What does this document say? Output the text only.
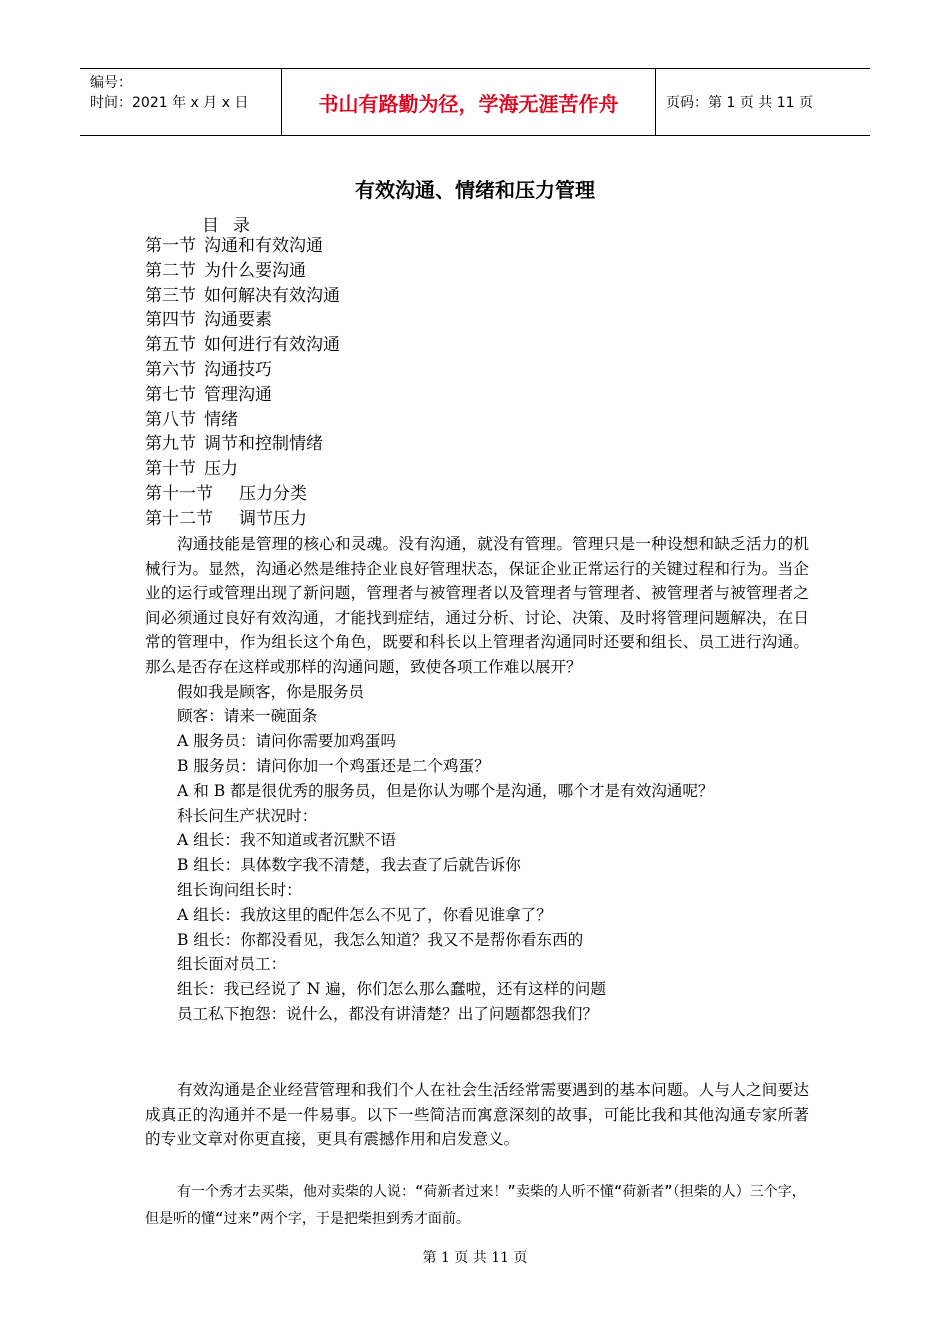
编号：
时间：2021 年 x 月 x 日	书山有路勤为径，学海无涯苦作舟	页码：第 1 页 共 11 页
有效沟通、情绪和压力管理
目录
第一节 沟通和有效沟通
第二节 为什么要沟通
第三节 如何解决有效沟通
第四节 沟通要素
第五节 如何进行有效沟通
第六节 沟通技巧
第七节 管理沟通
第八节 情绪
第九节 调节和控制情绪
第十节 压力
第十一节 压力分类
第十二节 调节压力

沟通技能是管理的核心和灵魂。没有沟通，就没有管理。管理只是一种设想和缺乏活力的机械行为。显然，沟通必然是维持企业良好管理状态，保证企业正常运行的关键过程和行为。当企业的运行或管理出现了新问题，管理者与被管理者以及管理者与管理者、被管理者与被管理者之间必须通过良好有效沟通，才能找到症结，通过分析、讨论、决策、及时将管理问题解决，在日常的管理中，作为组长这个角色，既要和科长以上管理者沟通同时还要和组长、员工进行沟通。那么是否存在这样或那样的沟通问题，致使各项工作难以展开？

假如我是顾客，你是服务员
顾客：请来一碗面条
A 服务员：请问你需要加鸡蛋吗
B 服务员：请问你加一个鸡蛋还是二个鸡蛋？
A 和 B 都是很优秀的服务员，但是你认为哪个是沟通，哪个才是有效沟通呢？
科长问生产状况时：
A 组长：我不知道或者沉默不语
B 组长：具体数字我不清楚，我去查了后就告诉你
组长询问组长时：
A 组长：我放这里的配件怎么不见了，你看见谁拿了？
B 组长：你都没看见，我怎么知道？我又不是帮你看东西的
组长面对员工：
组长：我已经说了 N 遍，你们怎么那么蠢啦，还有这样的问题
员工私下抱怨：说什么，都没有讲清楚？出了问题都怨我们？

有效沟通是企业经营管理和我们个人在社会生活经常需要遇到的基本问题。人与人之间要达成真正的沟通并不是一件易事。以下一些简洁而寓意深刻的故事，可能比我和其他沟通专家所著的专业文章对你更直接，更具有震撼作用和启发意义。

有一个秀才去买柴，他对卖柴的人说：“荷新者过来！”卖柴的人听不懂“荷新者”（担柴的人）三个字，但是听的懂“过来”两个字，于是把柴担到秀才面前。

第 1 页 共 11 页
